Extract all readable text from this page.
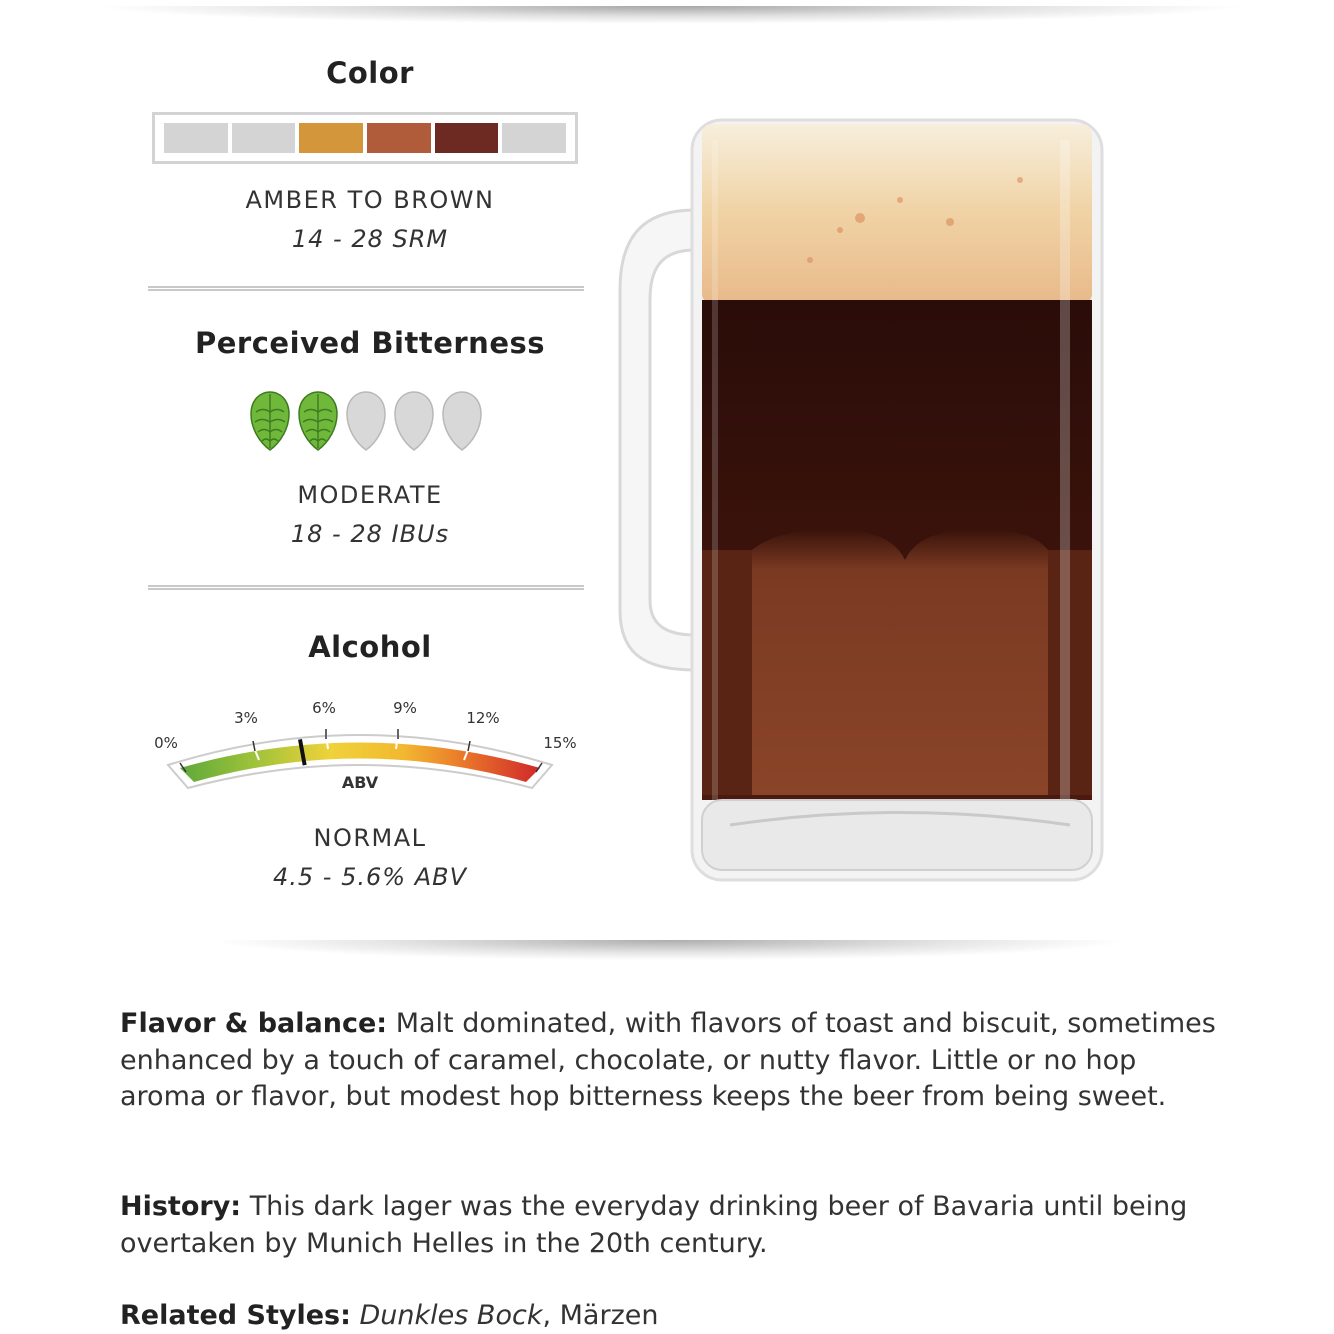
Color
AMBER TO BROWN
14 - 28 SRM
Perceived Bitterness
MODERATE
18 - 28 IBUs
Alcohol
0%
3%
6%	9%
12%
15%
ABV
NORMAL
4.5 - 5.6% ABV
Flavor & balance: Malt dominated, with flavors of toast and biscuit, sometimes enhanced by a touch of caramel, chocolate, or nutty flavor. Little or no hop aroma or flavor, but modest hop bitterness keeps the beer from being sweet.
History: This dark lager was the everyday drinking beer of Bavaria until being overtaken by Munich Helles in the 20th century.
Related Styles: Dunkles Bock, Märzen
